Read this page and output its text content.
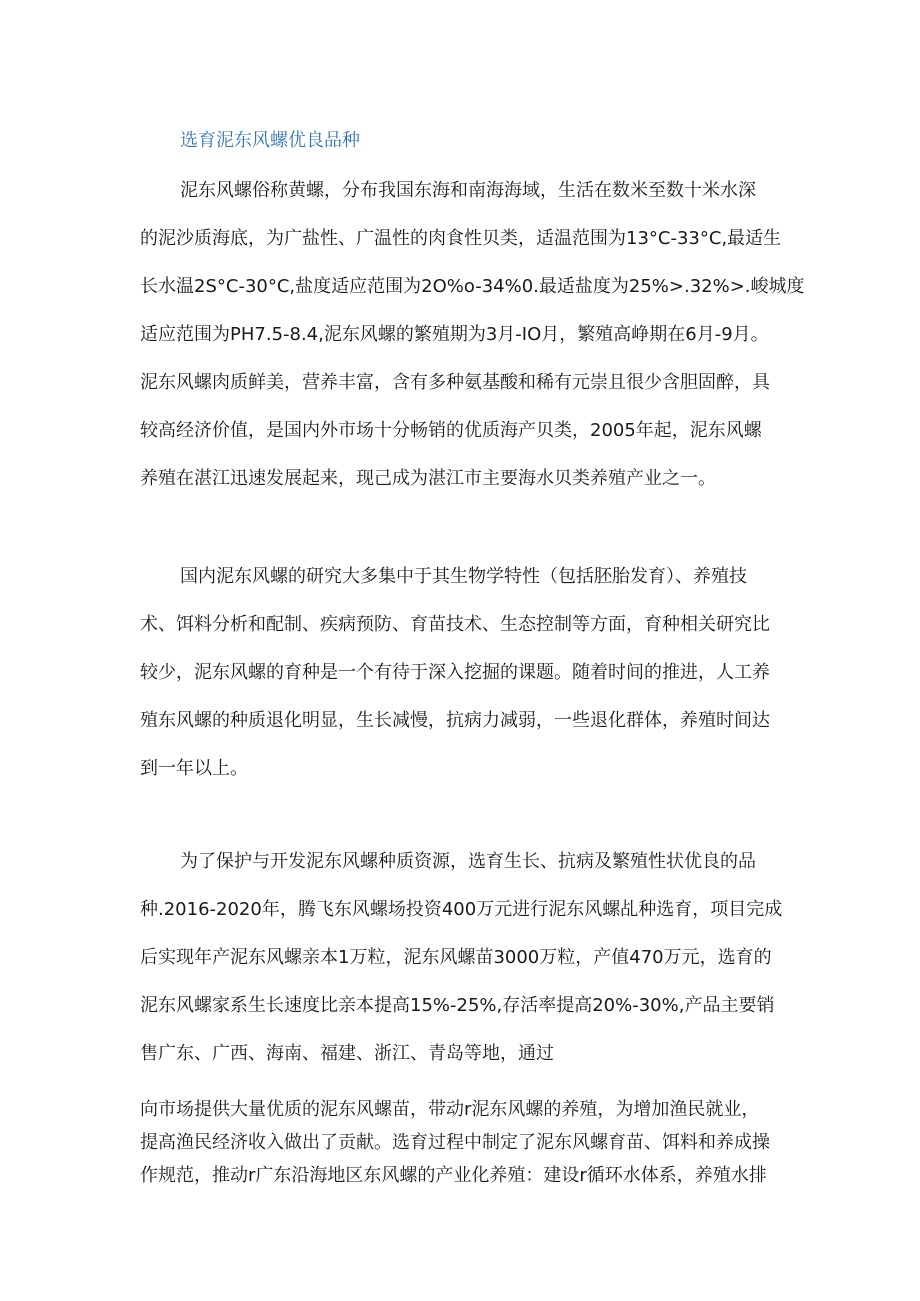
选育泥东风螺优良品种
泥东风螺俗称黄螺，分布我国东海和南海海域，生活在数米至数十米水深
的泥沙质海底，为广盐性、广温性的肉食性贝类，适温范围为13°C-33°C,最适生
长水温2S°C-30°C,盐度适应范围为2O%o-34%0.最适盐度为25%>.32%>.峻城度
适应范围为PH7.5-8.4,泥东风螺的繁殖期为3月-IO月，繁殖高峥期在6月-9月。
泥东风螺肉质鲜美，营养丰富，含有多种氨基酸和稀有元崇且很少含胆固醉，具
较高经济价值，是国内外市场十分畅销的优质海产贝类，2005年起，泥东风螺
养殖在湛江迅速发展起来，现己成为湛江市主要海水贝类养殖产业之一。
国内泥东风螺的研究大多集中于其生物学特性（包括胚胎发育）、养殖技
术、饵料分析和配制、疾病预防、育苗技术、生态控制等方面，育种相关研究比
较少，泥东风螺的育种是一个有待于深入挖掘的课题。随着时间的推进，人工养
殖东风螺的种质退化明显，生长减慢，抗病力减弱，一些退化群体，养殖时间达
到一年以上。
为了保护与开发泥东风螺种质资源，选育生长、抗病及繁殖性状优良的品
种.2016-2020年，腾飞东风螺场投资400万元进行泥东风螺乩种选育，项目完成
后实现年产泥东风螺亲本1万粒，泥东风螺苗3000万粒，产值470万元，选育的
泥东风螺家系生长速度比亲本提高15%-25%,存活率提高20%-30%,产品主要销
售广东、广西、海南、福建、浙江、青岛等地，通过
向市场提供大量优质的泥东风螺苗，带动r泥东风螺的养殖，为增加渔民就业，
提高渔民经济收入做出了贡献。选育过程中制定了泥东风螺育苗、饵料和养成操
作规范，推动r广东沿海地区东风螺的产业化养殖：建设r循环水体系，养殖水排
